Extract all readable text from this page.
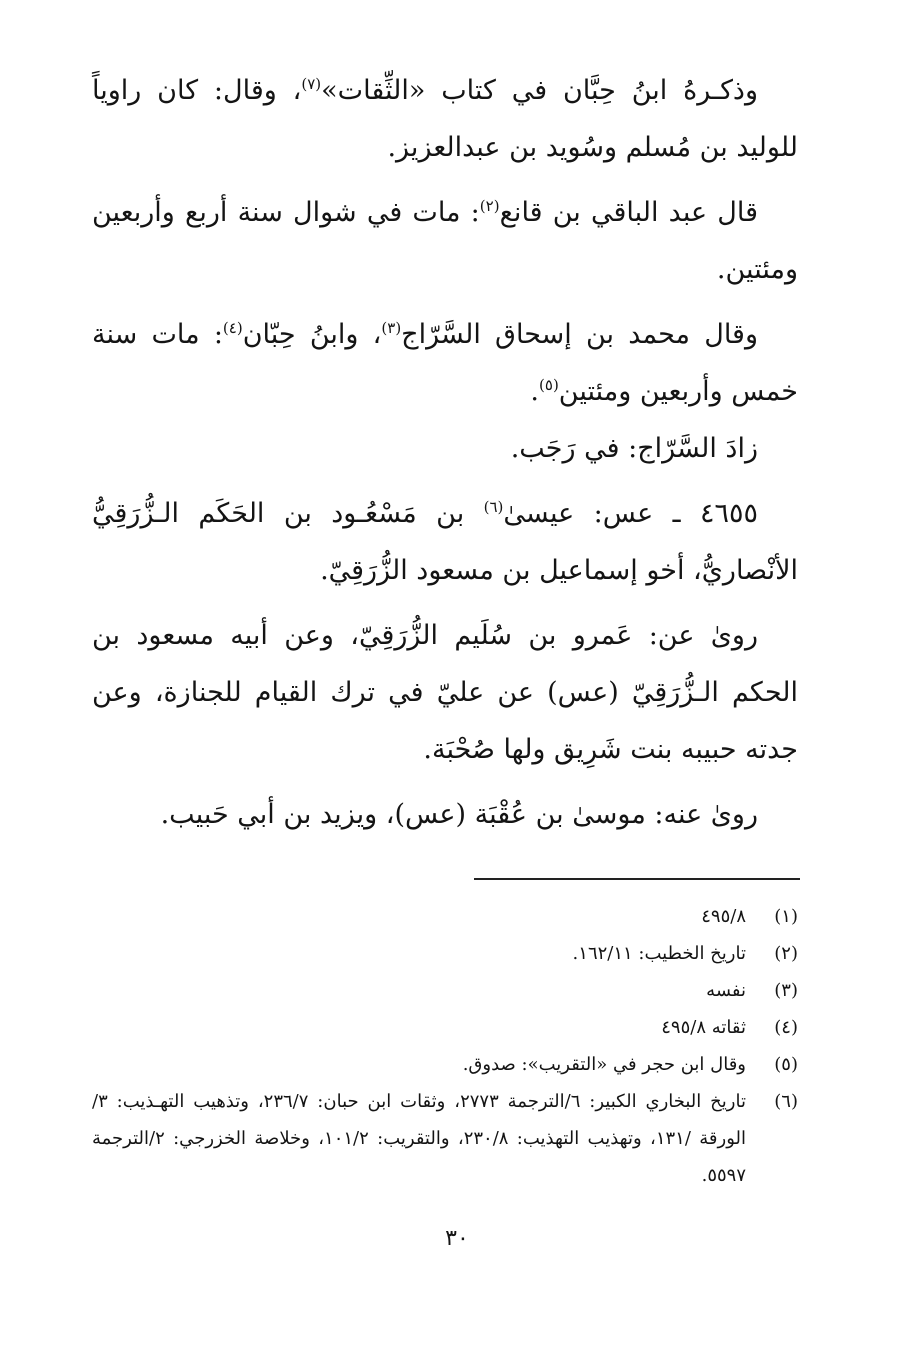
وذكـرهُ ابنُ حِبَّان في كتاب «الثِّقات»$^{(٧)}$، وقال: كان راوياً للوليد بن مُسلم وسُويد بن عبدالعزيز.

قال عبد الباقي بن قانع$^{(٢)}$: مات في شوال سنة أربع وأربعين ومئتين.

وقال محمد بن إسحاق السَّرّاج$^{(٣)}$، وابنُ حِبّان$^{(٤)}$: مات سنة خمس وأربعين ومئتين$^{(٥)}$.

زادَ السَّرّاج: في رَجَب.

٤٦٥٥ ـ عس: عيسىٰ$^{(٦)}$ بن مَسْعُـود بن الحَكَم الـزُّرَقِيُّ الأنْصاريُّ، أخو إسماعيل بن مسعود الزُّرَقِيّ.

روىٰ عن: عَمرو بن سُلَيم الزُّرَقِيّ، وعن أبيه مسعود بن الحكم الـزُّرَقِيّ (عس) عن عليّ في ترك القيام للجنازة، وعن جدته حبيبه بنت شَرِيق ولها صُحْبَة.

روىٰ عنه: موسىٰ بن عُقْبَة (عس)، ويزيد بن أبي حَبيب.

(١)
٤٩٥/٨
(٢)
تاريخ الخطيب: ١٦٢/١١.
(٣)
نفسه
(٤)
ثقاته ٤٩٥/٨
(٥)
وقال ابن حجر في «التقريب»: صدوق.
(٦)
تاريخ البخاري الكبير: ٦/الترجمة ٢٧٧٣، وثقات ابن حبان: ٢٣٦/٧، وتذهيب التهـذيب: ٣/الورقة /١٣١، وتهذيب التهذيب: ٢٣٠/٨، والتقريب: ١٠١/٢، وخلاصة الخزرجي: ٢/الترجمة ٥٥٩٧.
٣٠
